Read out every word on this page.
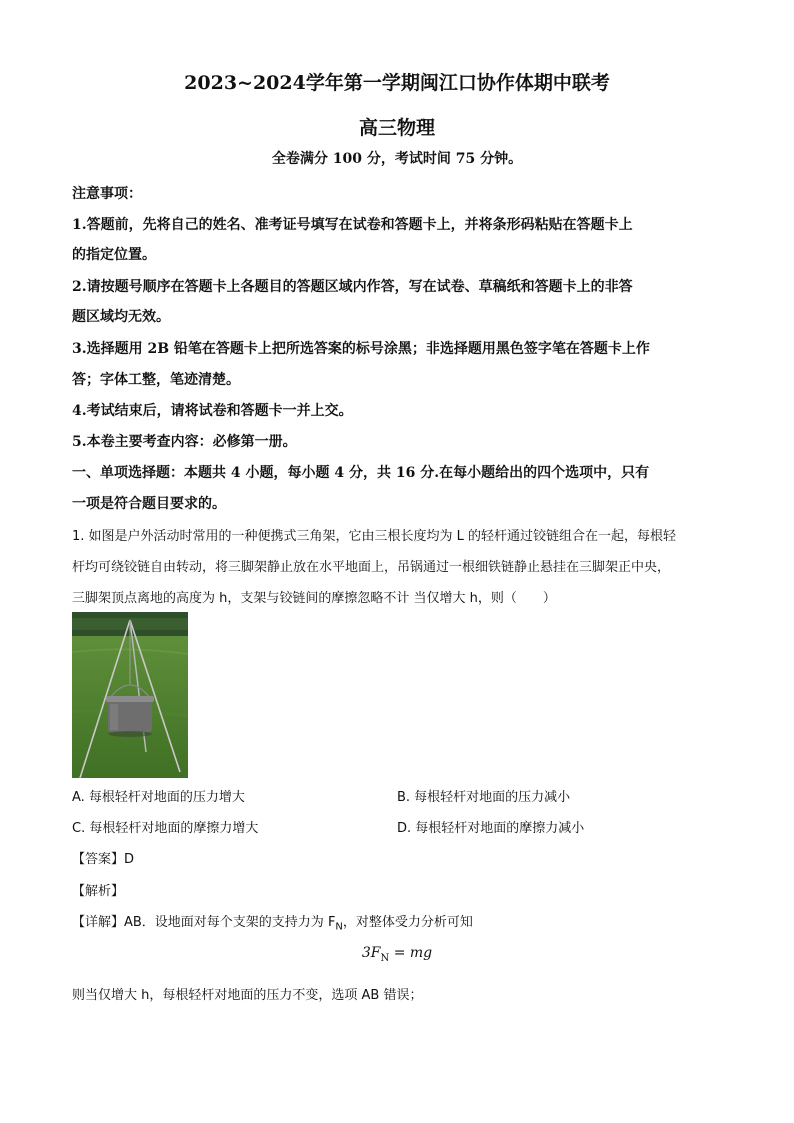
2023~2024学年第一学期闽江口协作体期中联考
高三物理
全卷满分 100 分，考试时间 75 分钟。
注意事项：
1.答题前，先将自己的姓名、准考证号填写在试卷和答题卡上，并将条形码粘贴在答题卡上
的指定位置。
2.请按题号顺序在答题卡上各题目的答题区域内作答，写在试卷、草稿纸和答题卡上的非答
题区域均无效。
3.选择题用 2B 铅笔在答题卡上把所选答案的标号涂黑；非选择题用黑色签字笔在答题卡上作
答；字体工整，笔迹清楚。
4.考试结束后，请将试卷和答题卡一并上交。
5.本卷主要考查内容：必修第一册。
一、单项选择题：本题共 4 小题，每小题 4 分，共 16 分.在每小题给出的四个选项中，只有
一项是符合题目要求的。
1. 如图是户外活动时常用的一种便携式三角架，它由三根长度均为 L 的轻杆通过铰链组合在一起，每根轻
杆均可绕铰链自由转动，将三脚架静止放在水平地面上，吊锅通过一根细铁链静止悬挂在三脚架正中央，
三脚架顶点离地的高度为 h，支架与铰链间的摩擦忽略不计 当仅增大 h，则（　　）
A. 每根轻杆对地面的压力增大	B. 每根轻杆对地面的压力减小
C. 每根轻杆对地面的摩擦力增大	D. 每根轻杆对地面的摩擦力减小
【答案】D
【解析】
【详解】AB．设地面对每个支架的支持力为 $F_N$，对整体受力分析可知
$3F_N$ = mg
则当仅增大 h，每根轻杆对地面的压力不变，选项 AB 错误；
